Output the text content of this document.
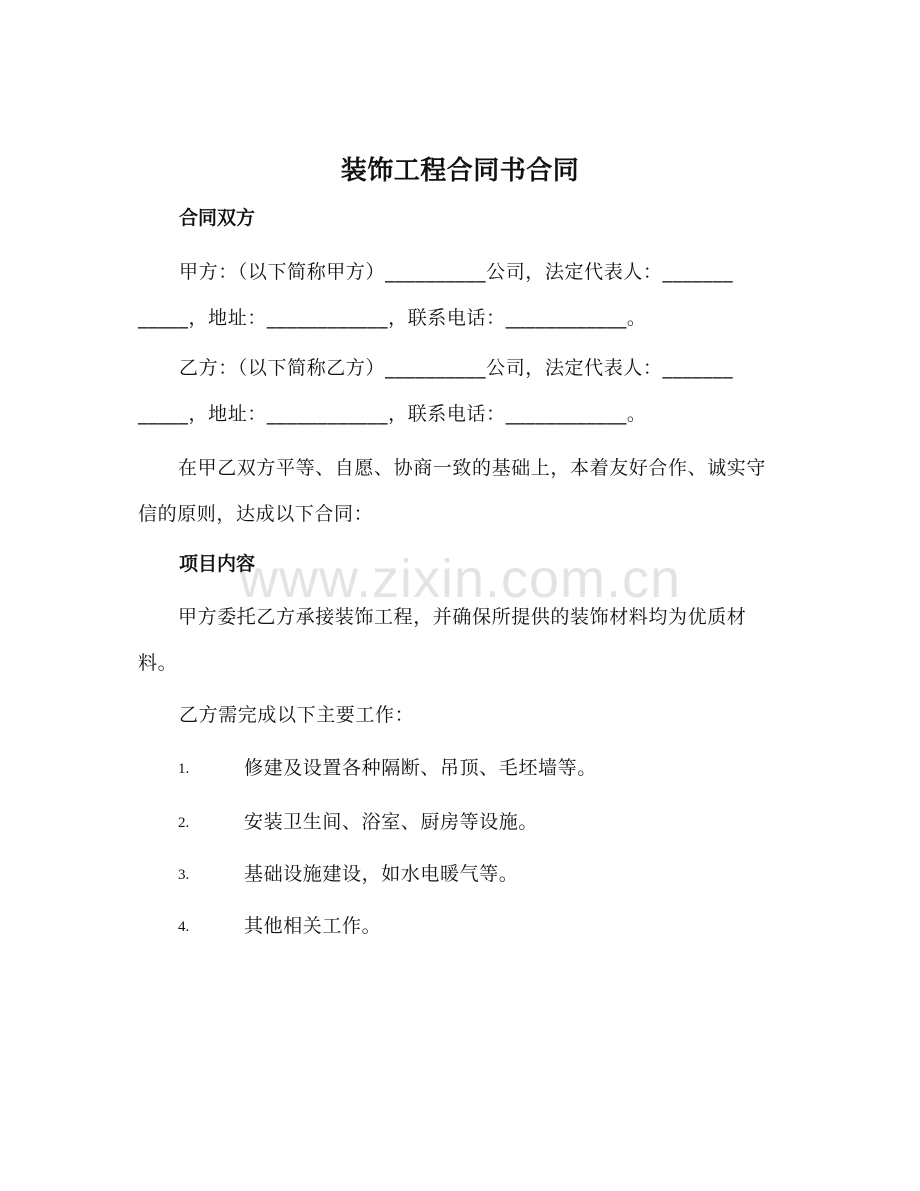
装饰工程合同书合同
合同双方
甲方：（以下简称甲方）__________公司，法定代表人：_______
_____，地址：____________，联系电话：____________。
乙方：（以下简称乙方）__________公司，法定代表人：_______
_____，地址：____________，联系电话：____________。
在甲乙双方平等、自愿、协商一致的基础上，本着友好合作、诚实守信的原则，达成以下合同：
www.zixin.com.cn
项目内容
甲方委托乙方承接装饰工程，并确保所提供的装饰材料均为优质材料。
乙方需完成以下主要工作：
1.	修建及设置各种隔断、吊顶、毛坯墙等。
2.	安装卫生间、浴室、厨房等设施。
3.	基础设施建设，如水电暖气等。
4.	其他相关工作。
